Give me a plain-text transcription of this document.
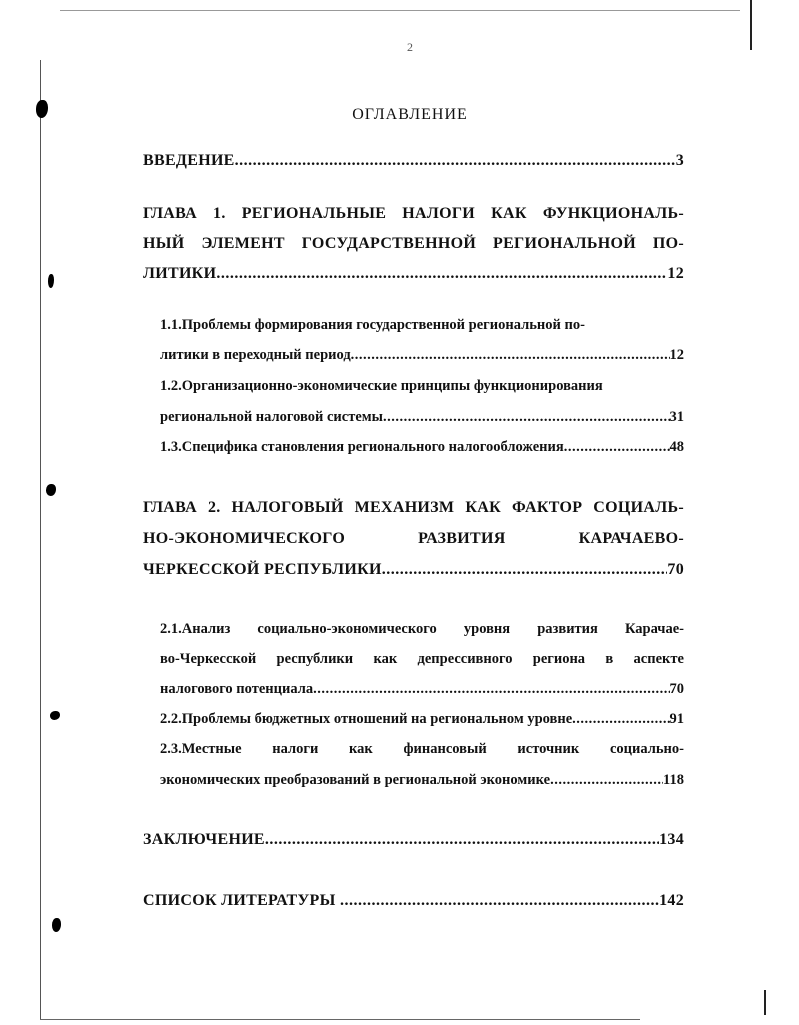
2
ОГЛАВЛЕНИЕ
ВВЕДЕНИЕ .....	3
ГЛАВА 1. РЕГИОНАЛЬНЫЕ НАЛОГИ КАК ФУНКЦИОНАЛЬ-
НЫЙ ЭЛЕМЕНТ ГОСУДАРСТВЕННОЙ РЕГИОНАЛЬНОЙ ПО-
ЛИТИКИ .....	12
1.1.Проблемы формирования государственной региональной по-
литики в переходный период .....	12
1.2.Организационно-экономические принципы функционирования
региональной налоговой системы .....	31
1.3.Специфика становления регионального налогообложения .....	48
ГЛАВА 2. НАЛОГОВЫЙ МЕХАНИЗМ КАК ФАКТОР СОЦИАЛЬ-
НО-ЭКОНОМИЧЕСКОГО	РАЗВИТИЯ	КАРАЧАЕВО-
ЧЕРКЕССКОЙ РЕСПУБЛИКИ .....	70
2.1.Анализ социально-экономического уровня развития Карачае-
во-Черкесской республики как депрессивного региона в аспекте
налогового потенциала .....	70
2.2.Проблемы бюджетных отношений на региональном уровне .....	91
2.3.Местные налоги как финансовый источник социально-
экономических преобразований в региональной экономике .....	118
ЗАКЛЮЧЕНИЕ .....	134
СПИСОК ЛИТЕРАТУРЫ .....	142
